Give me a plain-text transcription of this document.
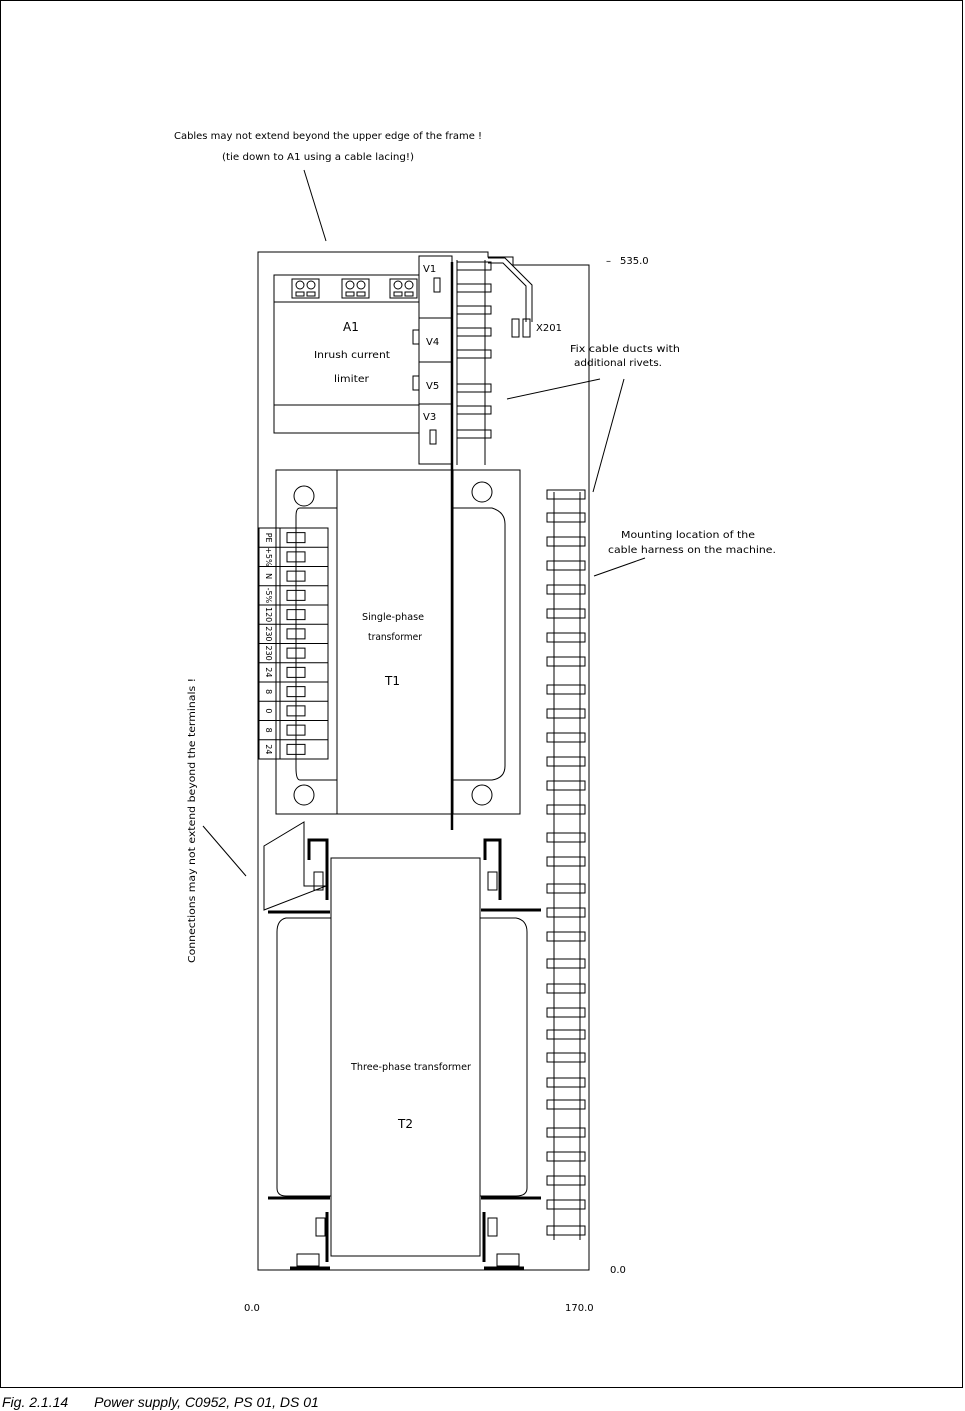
Cables may not extend beyond the upper edge of the frame !
(tie down to A1 using a cable lacing!)
A1
Inrush current
limiter
V1
V4
V5
V3
X201
– 535.0
Fix cable ducts with
additional rivets.
Single-phase
transformer
T1
PE
+5%
N
-5%
120
230
230
24
8
0
8
24
Mounting location of the
cable harness on the machine.
Connections may not extend beyond the terminals !
Three-phase transformer
T2
0.0
0.0	170.0
Fig. 2.1.14 Power supply, C0952, PS 01, DS 01
